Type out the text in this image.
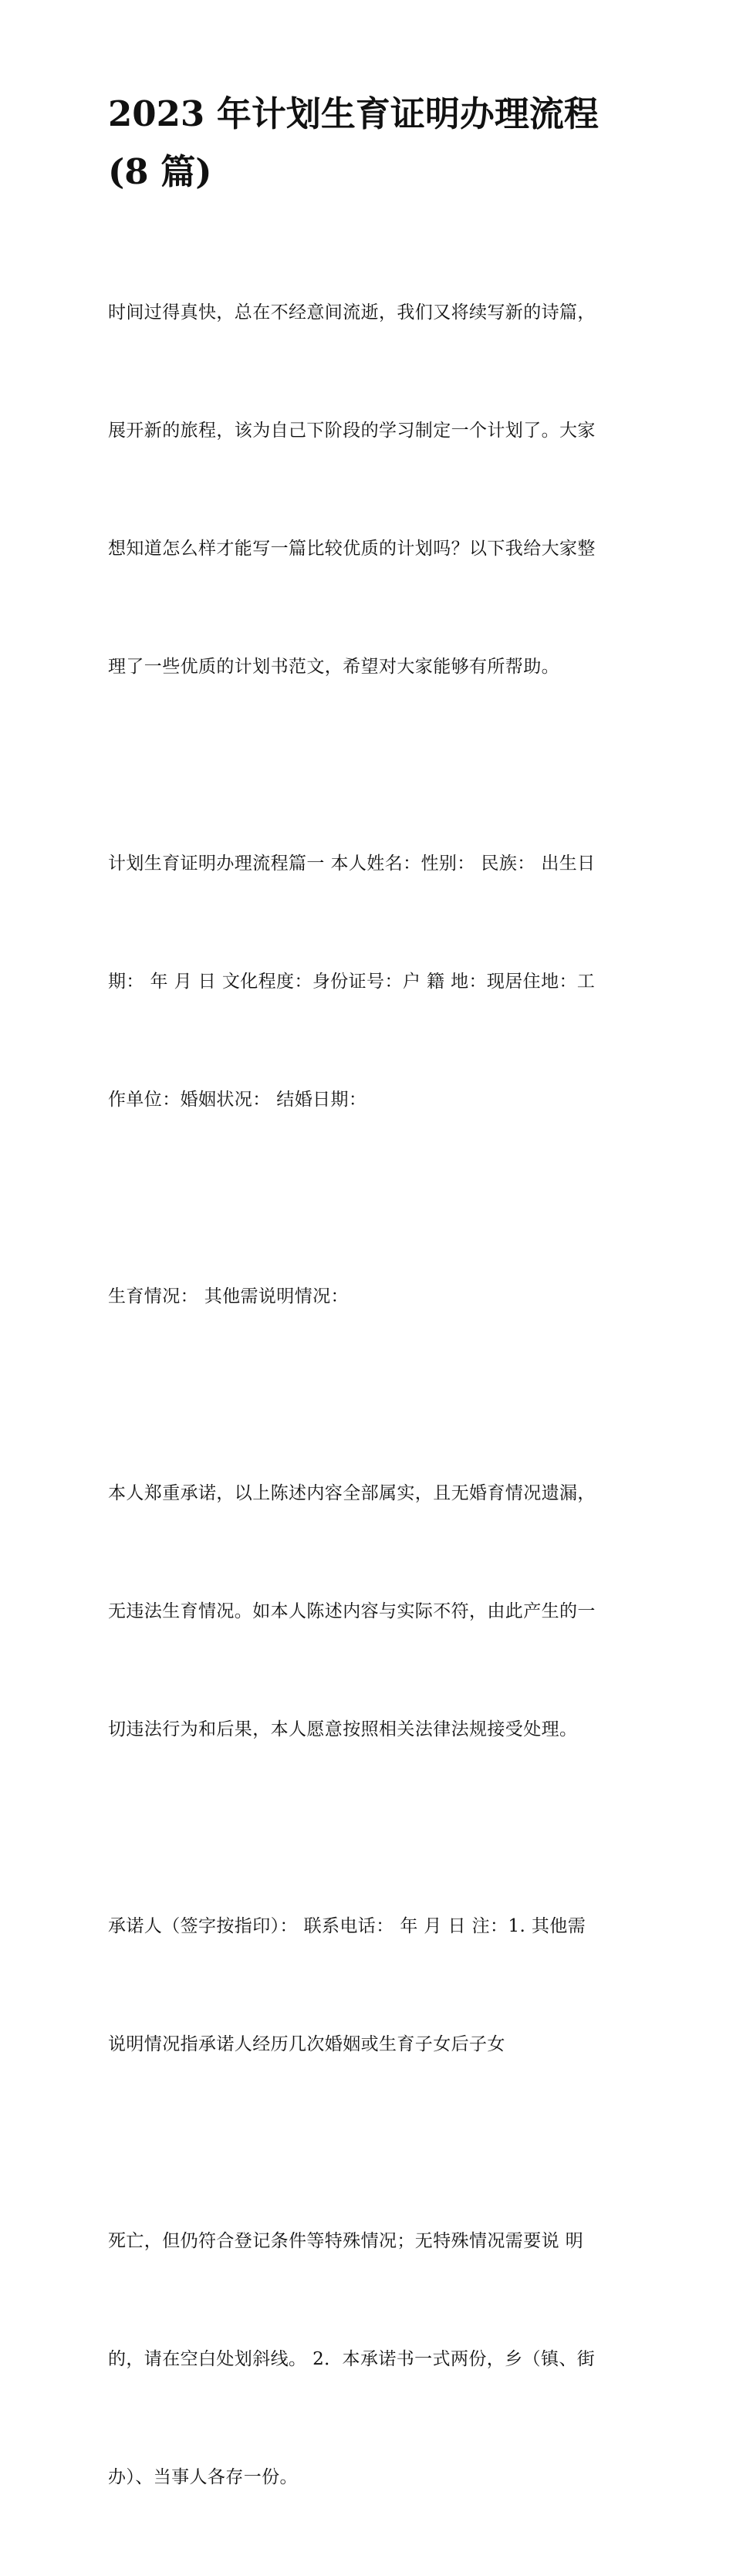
2023 年计划生育证明办理流程(8 篇)

时间过得真快，总在不经意间流逝，我们又将续写新的诗篇，

展开新的旅程，该为自己下阶段的学习制定一个计划了。大家

想知道怎么样才能写一篇比较优质的计划吗？以下我给大家整

理了一些优质的计划书范文，希望对大家能够有所帮助。

计划生育证明办理流程篇一 本人姓名：性别： 民族： 出生日

期： 年 月 日 文化程度：身份证号：户 籍 地：现居住地：工

作单位：婚姻状况： 结婚日期：

生育情况： 其他需说明情况：

本人郑重承诺，以上陈述内容全部属实，且无婚育情况遗漏，

无违法生育情况。如本人陈述内容与实际不符，由此产生的一

切违法行为和后果，本人愿意按照相关法律法规接受处理。

承诺人（签字按指印）： 联系电话： 年 月 日 注：1. 其他需

说明情况指承诺人经历几次婚姻或生育子女后子女

死亡，但仍符合登记条件等特殊情况；无特殊情况需要说 明

的，请在空白处划斜线。 2．本承诺书一式两份，乡（镇、街

办）、当事人各存一份。
